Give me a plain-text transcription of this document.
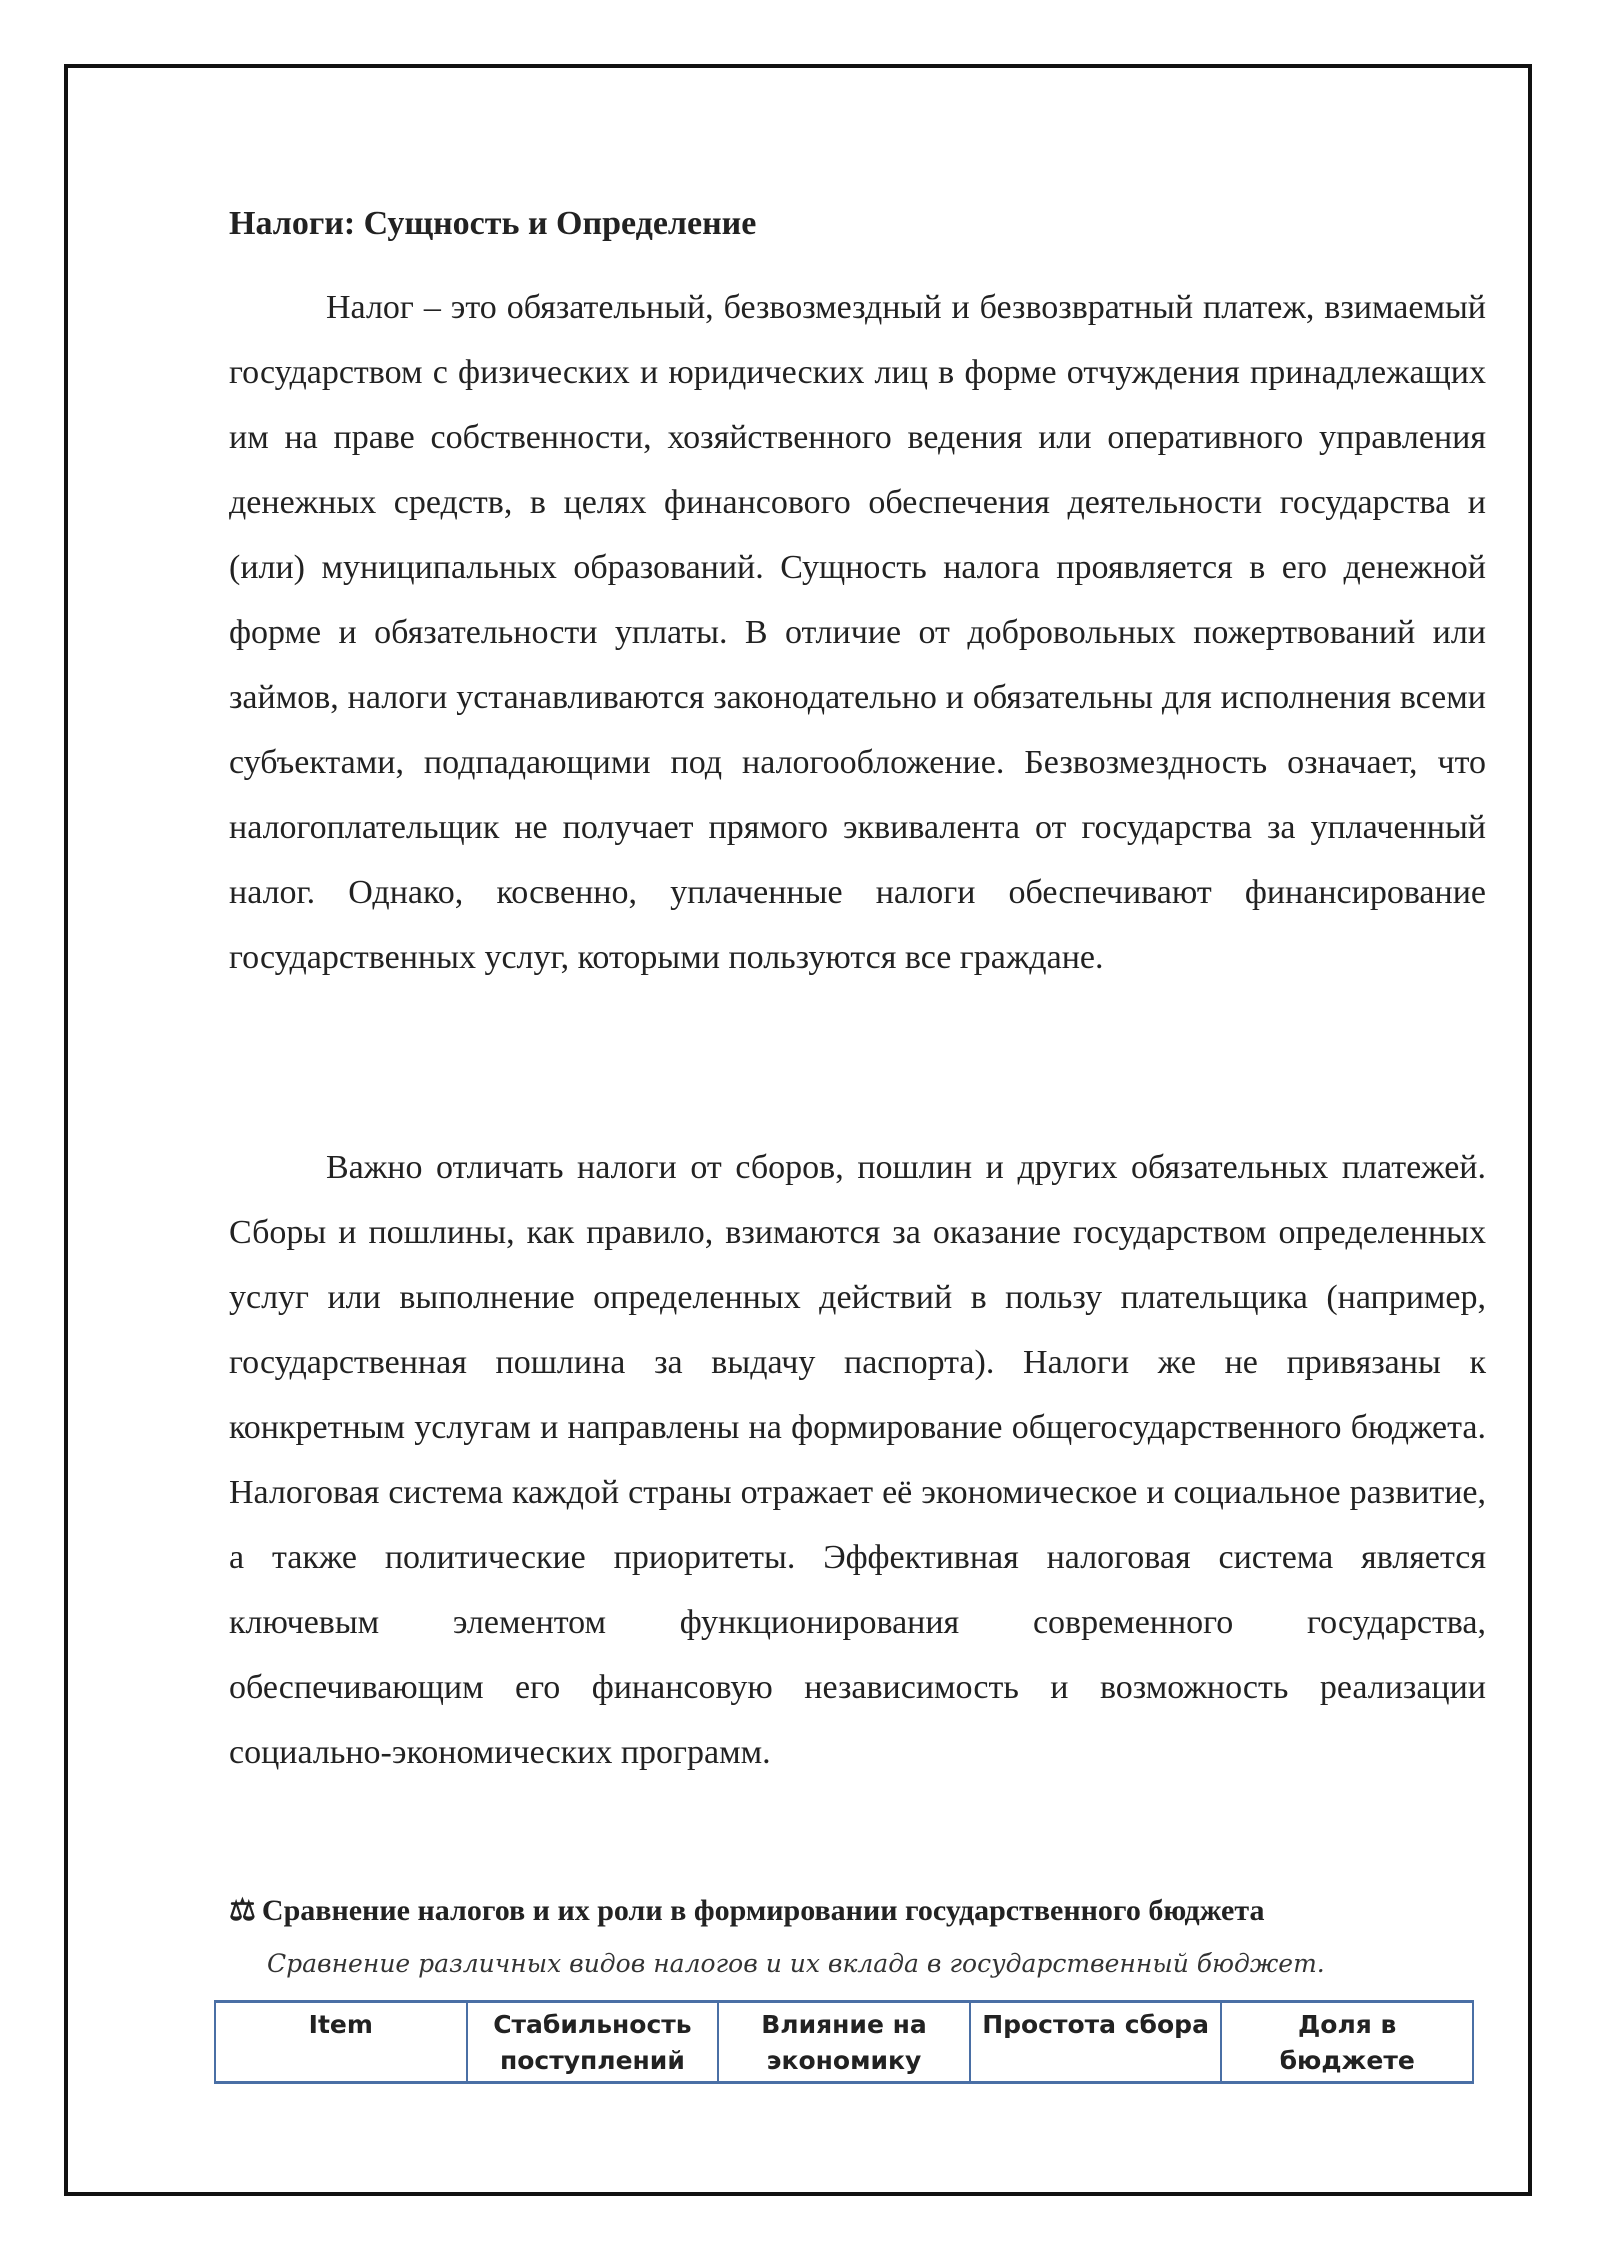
Налоги: Сущность и Определение

Налог – это обязательный, безвозмездный и безвозвратный платеж, взимаемый государством с физических и юридических лиц в форме отчуждения принадлежащих им на праве собственности, хозяйственного ведения или оперативного управления денежных средств, в целях финансового обеспечения деятельности государства и (или) муниципальных образований. Сущность налога проявляется в его денежной форме и обязательности уплаты. В отличие от добровольных пожертвований или займов, налоги устанавливаются законодательно и обязательны для исполнения всеми субъектами, подпадающими под налогообложение. Безвозмездность означает, что налогоплательщик не получает прямого эквивалента от государства за уплаченный налог. Однако, косвенно, уплаченные налоги обеспечивают финансирование государственных услуг, которыми пользуются все граждане.

Важно отличать налоги от сборов, пошлин и других обязательных платежей. Сборы и пошлины, как правило, взимаются за оказание государством определенных услуг или выполнение определенных действий в пользу плательщика (например, государственная пошлина за выдачу паспорта). Налоги же не привязаны к конкретным услугам и направлены на формирование общегосударственного бюджета. Налоговая система каждой страны отражает её экономическое и социальное развитие, а также политические приоритеты. Эффективная налоговая система является ключевым элементом функционирования современного государства, обеспечивающим его финансовую независимость и возможность реализации социально-экономических программ.

⚖ Сравнение налогов и их роли в формировании государственного бюджета
Сравнение различных видов налогов и их вклада в государственный бюджет.
Item	Стабильность поступлений	Влияние на экономику	Простота сбора	Доля в бюджете
